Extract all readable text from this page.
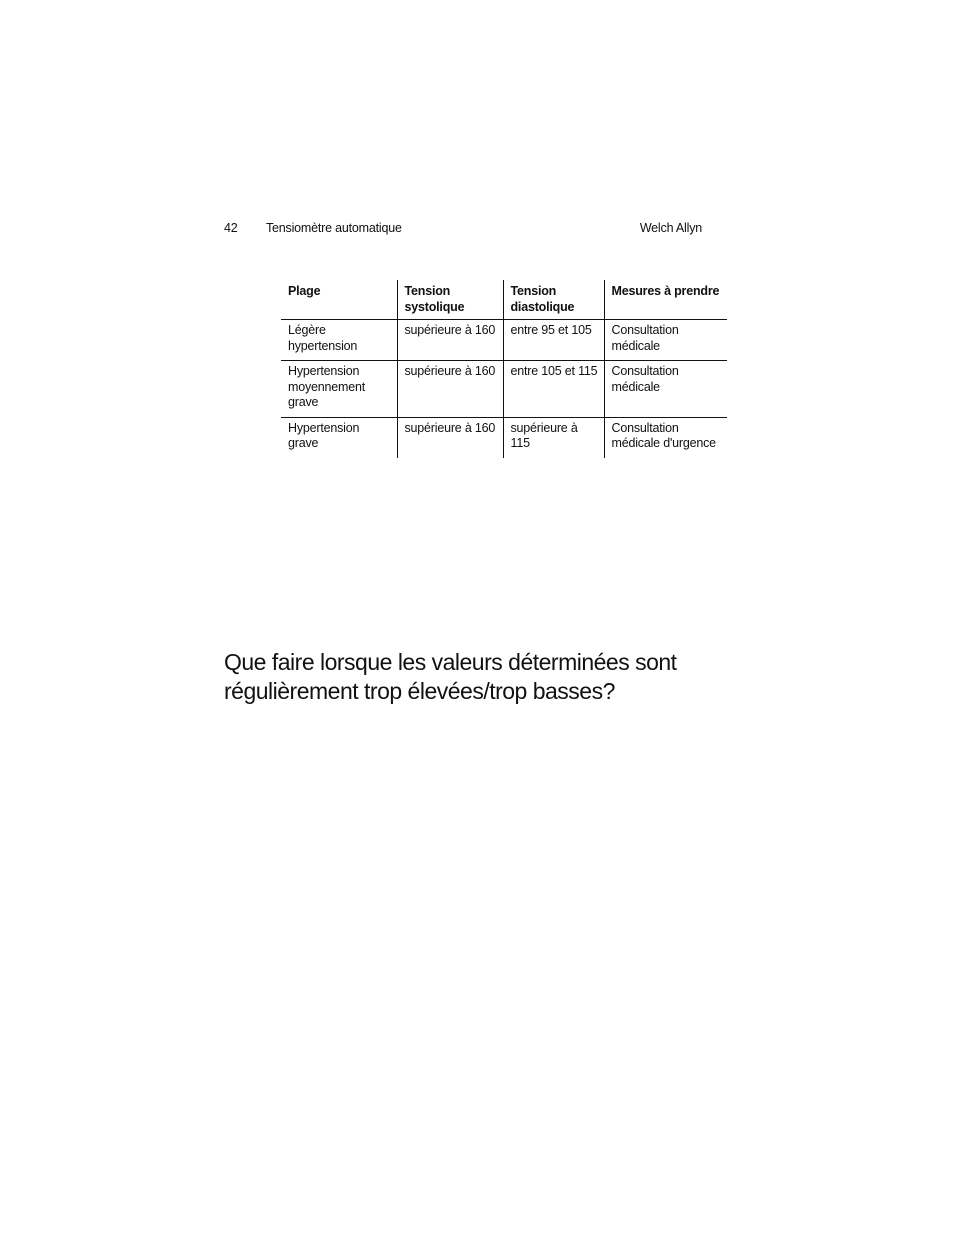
42 Tensiomètre automatique	Welch Allyn
Plage	Tension systolique	Tension diastolique	Mesures à prendre
Légère hypertension	supérieure à 160	entre 95 et 105	Consultation médicale
Hypertension moyennement grave	supérieure à 160	entre 105 et 115	Consultation médicale
Hypertension grave	supérieure à 160	supérieure à 115	Consultation médicale d'urgence
Que faire lorsque les valeurs déterminées sont
régulièrement trop élevées/trop basses?
